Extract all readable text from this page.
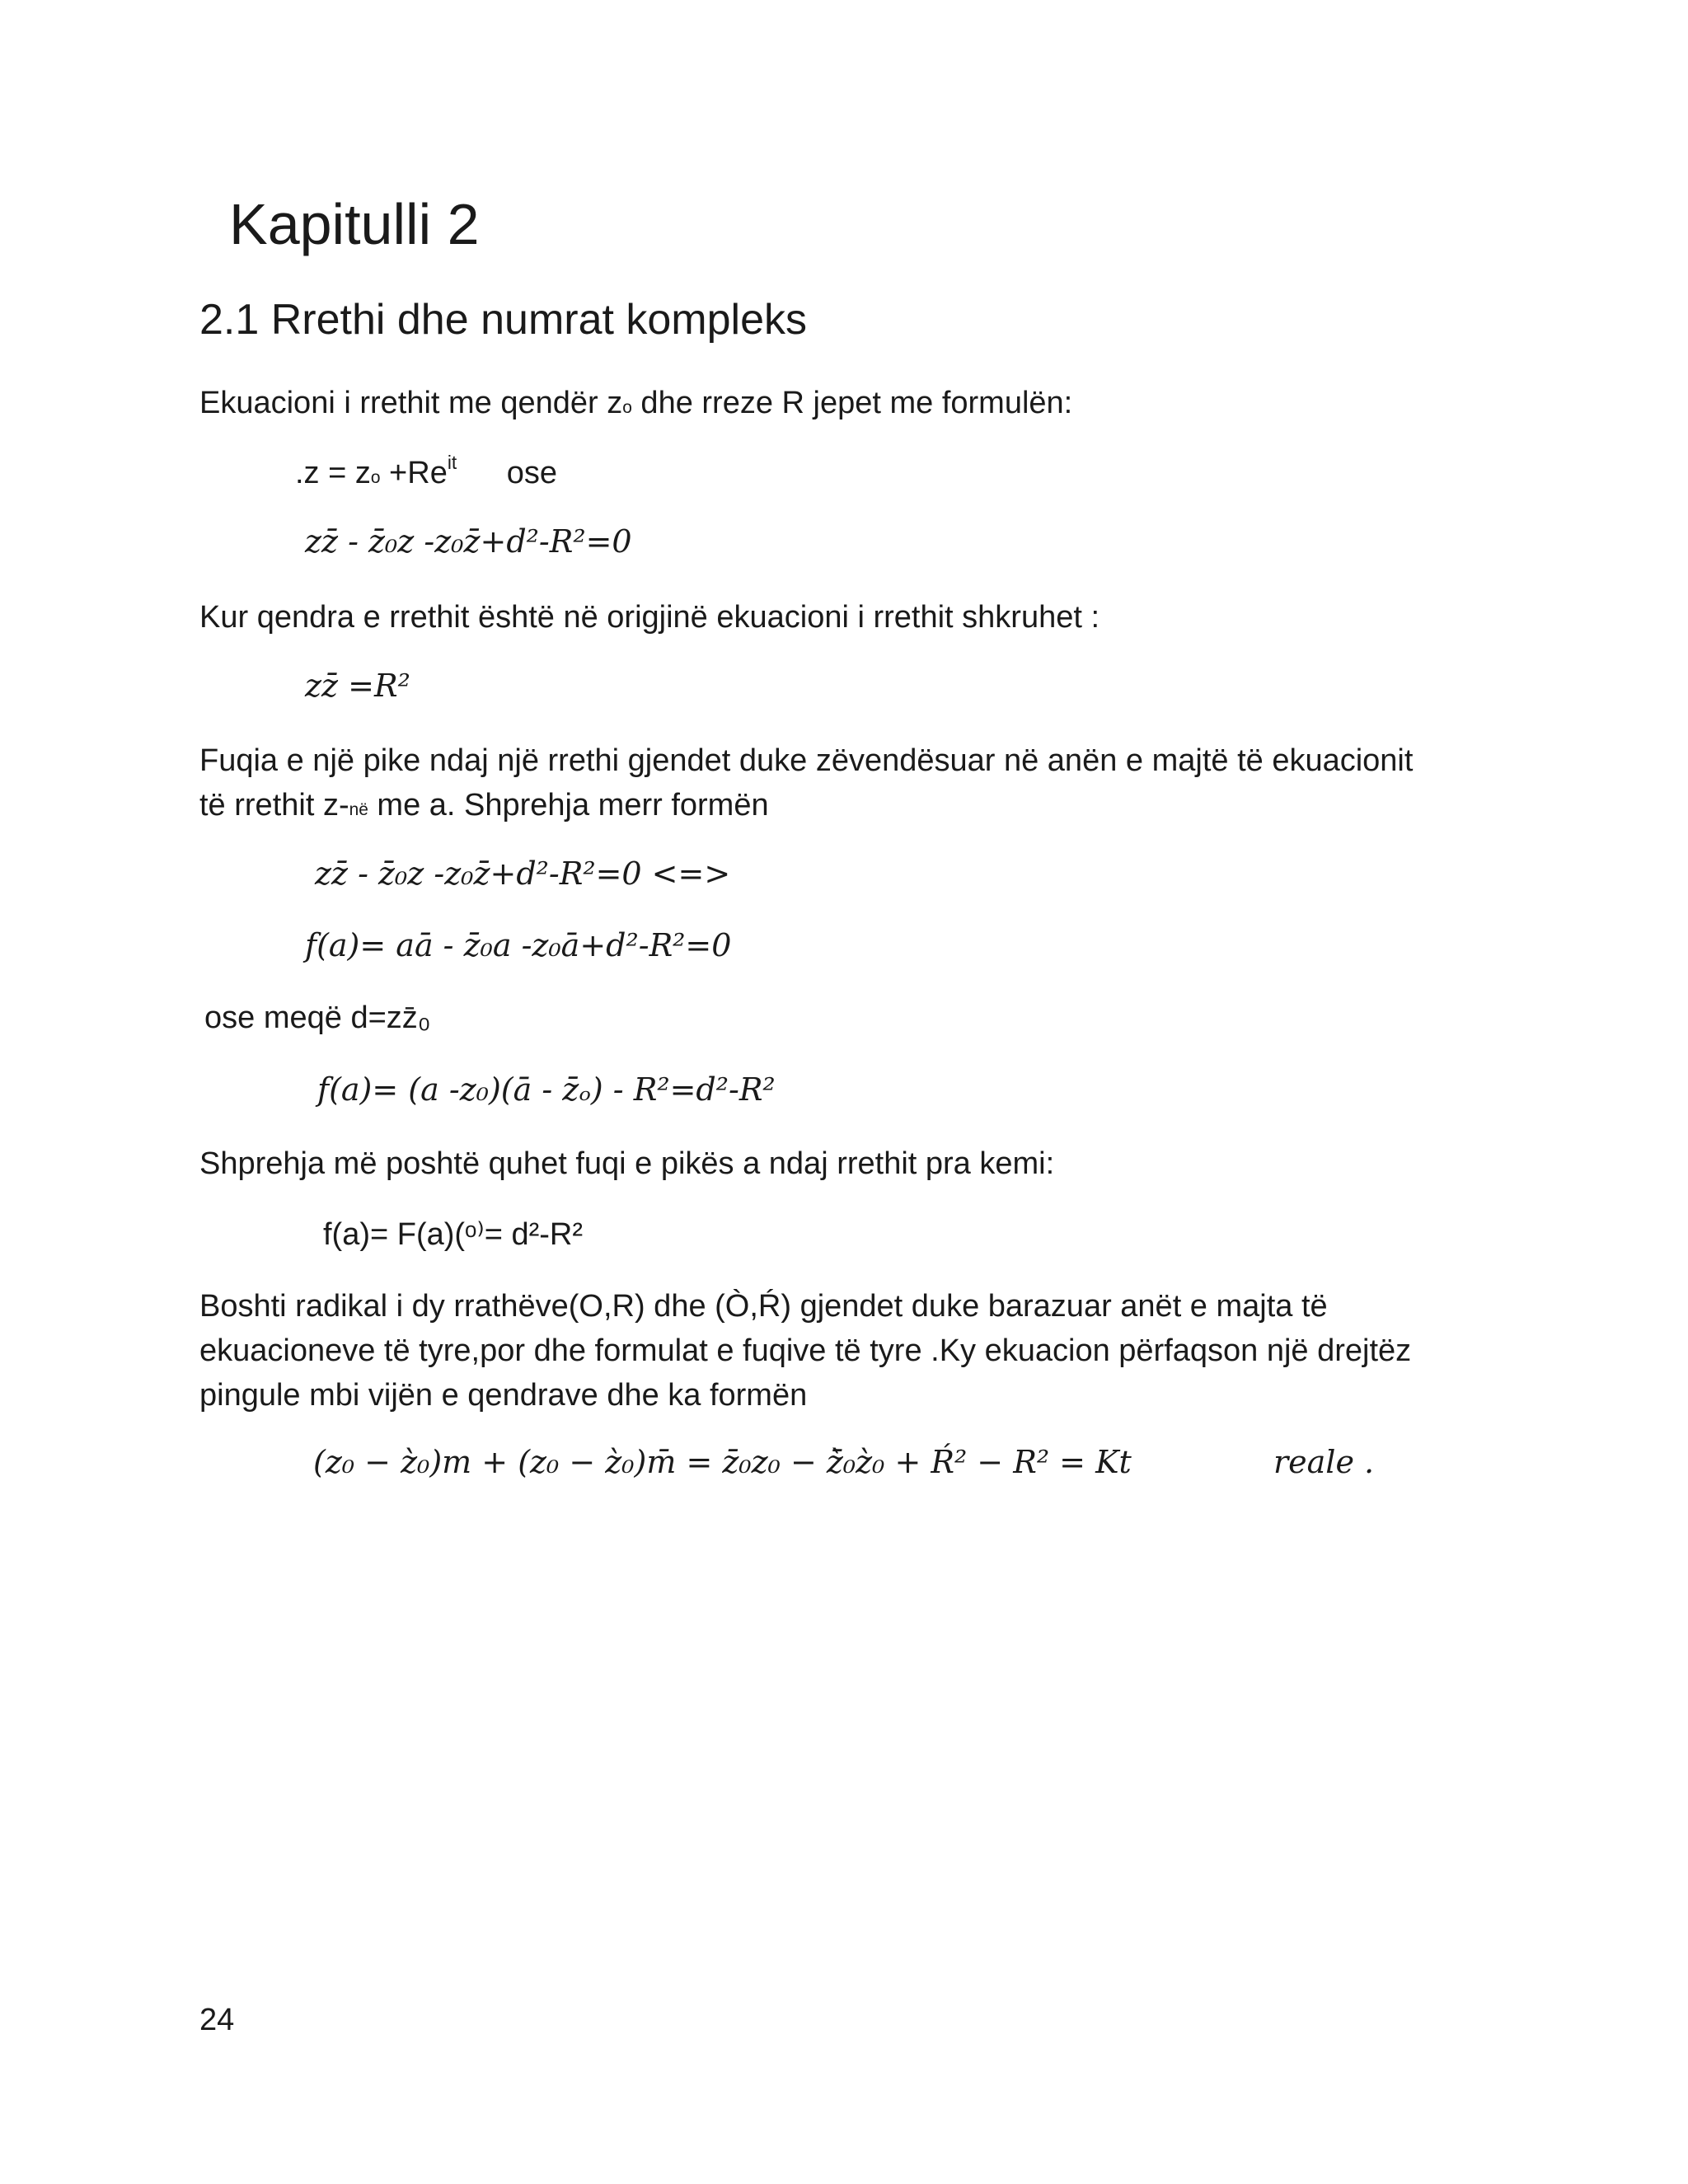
Kapitulli 2
2.1 Rrethi dhe numrat kompleks
Ekuacioni i rrethit me qendër zo dhe rreze R jepet me formulën:
.z = zo $+Re^{it}$ ose
zz̄ - z̄₀z -z₀z̄+d²-R²=0
Kur qendra e rrethit është në origjinë ekuacioni i rrethit shkruhet :
zz̄ =R²
Fuqia e një pike ndaj një rrethi gjendet duke zëvendësuar në anën e majtë të ekuacionit
të rrethit z-në me a. Shprehja merr formën
zz̄ - z̄₀z -z₀z̄+d²-R²=0 <=>
f(a)= aā - z̄₀a -z₀ā+d²-R²=0
ose meqë d=zz̄₀
f(a)= (a -z₀)(ā - z̄ₒ) - R²=d²-R²
Shprehja më poshtë quhet fuqi e pikës a ndaj rrethit pra kemi:
f(a)= F(a)(ᵒ⁾= d²-R²
Boshti radikal i dy rrathëve(O,R) dhe (Ò,Ŕ) gjendet duke barazuar anët e majta të
ekuacioneve të tyre,por dhe formulat e fuqive të tyre .Ky ekuacion përfaqson një drejtëz
pingule mbi vijën e qendrave dhe ka formën
(z₀ − z̀₀)m + (z₀ − z̀₀)m̄ = z̄₀z₀ − z̀̄₀z̀₀ + Ŕ² − R² = Kt	reale .
24
